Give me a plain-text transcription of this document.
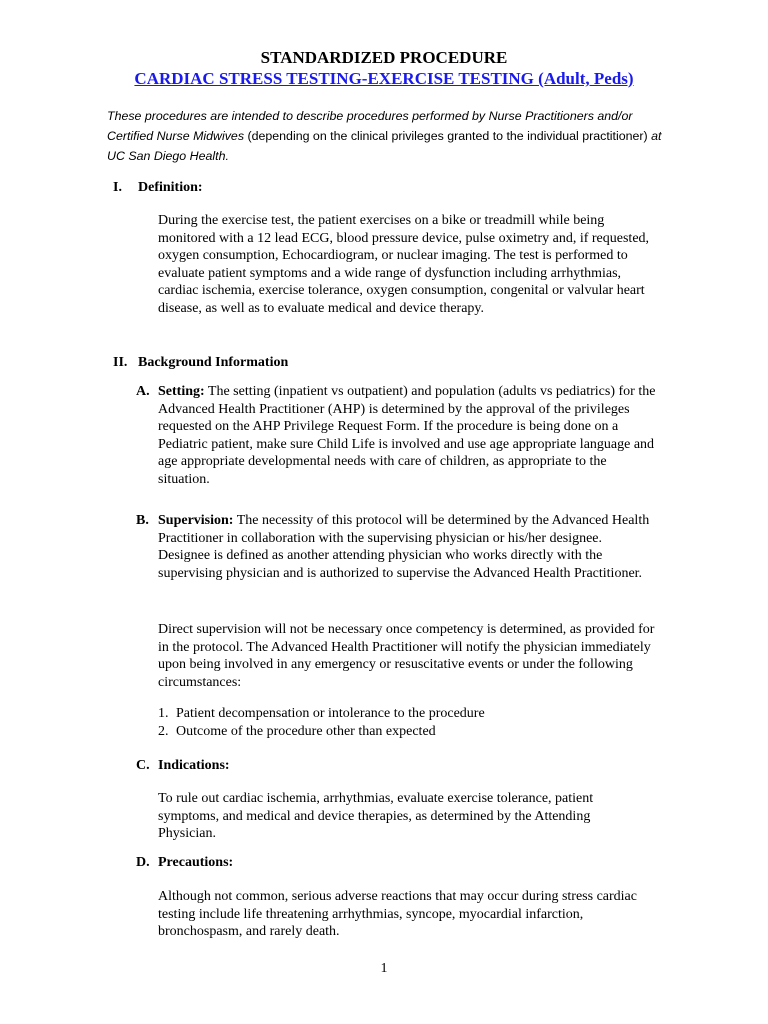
STANDARDIZED PROCEDURE
CARDIAC STRESS TESTING-EXERCISE TESTING (Adult, Peds)
These procedures are intended to describe procedures performed by Nurse Practitioners and/or Certified Nurse Midwives (depending on the clinical privileges granted to the individual practitioner) at UC San Diego Health.
I. Definition:
During the exercise test, the patient exercises on a bike or treadmill while being monitored with a 12 lead ECG, blood pressure device, pulse oximetry and, if requested, oxygen consumption, Echocardiogram, or nuclear imaging. The test is performed to evaluate patient symptoms and a wide range of dysfunction including arrhythmias, cardiac ischemia, exercise tolerance, oxygen consumption, congenital or valvular heart disease, as well as to evaluate medical and device therapy.
II. Background Information
A. Setting: The setting (inpatient vs outpatient) and population (adults vs pediatrics) for the Advanced Health Practitioner (AHP) is determined by the approval of the privileges requested on the AHP Privilege Request Form. If the procedure is being done on a Pediatric patient, make sure Child Life is involved and use age appropriate language and age appropriate developmental needs with care of children, as appropriate to the situation.
B. Supervision: The necessity of this protocol will be determined by the Advanced Health Practitioner in collaboration with the supervising physician or his/her designee. Designee is defined as another attending physician who works directly with the supervising physician and is authorized to supervise the Advanced Health Practitioner.
Direct supervision will not be necessary once competency is determined, as provided for in the protocol. The Advanced Health Practitioner will notify the physician immediately upon being involved in any emergency or resuscitative events or under the following circumstances:
1. Patient decompensation or intolerance to the procedure
2. Outcome of the procedure other than expected
C. Indications:
To rule out cardiac ischemia, arrhythmias, evaluate exercise tolerance, patient symptoms, and medical and device therapies, as determined by the Attending Physician.
D. Precautions:
Although not common, serious adverse reactions that may occur during stress cardiac testing include life threatening arrhythmias, syncope, myocardial infarction, bronchospasm, and rarely death.
1
